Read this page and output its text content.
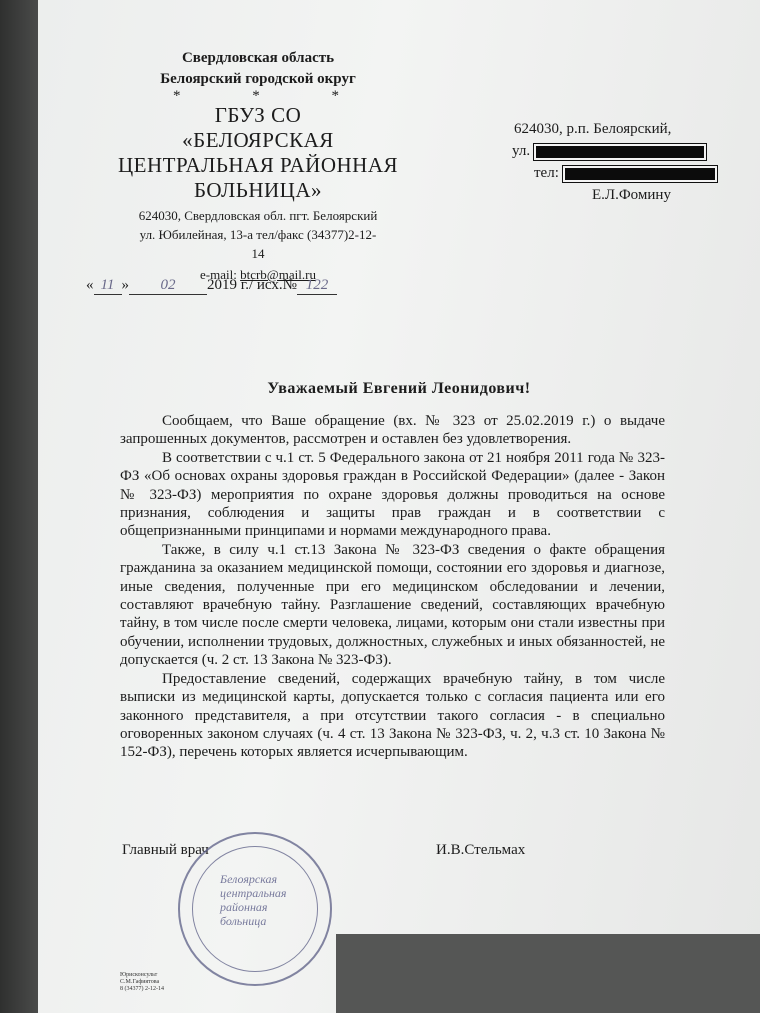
Свердловская область
Белоярский городской округ
* * *
ГБУЗ СО
«БЕЛОЯРСКАЯ
ЦЕНТРАЛЬНАЯ РАЙОННАЯ
БОЛЬНИЦА»
624030, Свердловская обл. пгт. Белоярский
ул. Юбилейная, 13-а тел/факс (34377)2-12-
14
e-mail: btcrb@mail.ru
« 11 » 02 2019 г./ исх.№ 122
624030, р.п. Белоярский,
ул.
тел:
Е.Л.Фомину
Уважаемый Евгений Леонидович!

Сообщаем, что Ваше обращение (вх. № 323 от 25.02.2019 г.) о выдаче запрошенных документов, рассмотрен и оставлен без удовлетворения.

В соответствии с ч.1 ст. 5 Федерального закона от 21 ноября 2011 года № 323-ФЗ «Об основах охраны здоровья граждан в Российской Федерации» (далее - Закон № 323-ФЗ) мероприятия по охране здоровья должны проводиться на основе признания, соблюдения и защиты прав граждан и в соответствии с общепризнанными принципами и нормами международного права.

Также, в силу ч.1 ст.13 Закона № 323-ФЗ сведения о факте обращения гражданина за оказанием медицинской помощи, состоянии его здоровья и диагнозе, иные сведения, полученные при его медицинском обследовании и лечении, составляют врачебную тайну. Разглашение сведений, составляющих врачебную тайну, в том числе после смерти человека, лицами, которым они стали известны при обучении, исполнении трудовых, должностных, служебных и иных обязанностей, не допускается (ч. 2 ст. 13 Закона № 323-ФЗ).

Предоставление сведений, содержащих врачебную тайну, в том числе выписки из медицинской карты, допускается только с согласия пациента или его законного представителя, а при отсутствии такого согласия - в специально оговоренных законом случаях (ч. 4 ст. 13 Закона № 323-ФЗ, ч. 2, ч.3 ст. 10 Закона № 152-ФЗ), перечень которых является исчерпывающим.

Главный врач	И.В.Стельмах
Белоярская
центральная
районная
больница
Юрисконсульт
С.М.Гафиятова
8 (34377) 2-12-14
